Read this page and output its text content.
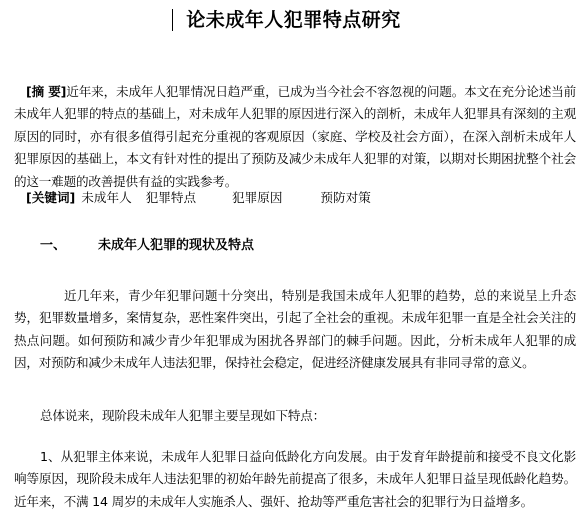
论未成年人犯罪特点研究
[摘 要]近年来，未成年人犯罪情况日趋严重，已成为当今社会不容忽视的问题。本文在充分论述当前未成年人犯罪的特点的基础上，对未成年人犯罪的原因进行深入的剖析，未成年人犯罪具有深刻的主观原因的同时，亦有很多值得引起充分重视的客观原因（家庭、学校及社会方面），在深入剖析未成年人犯罪原因的基础上，本文有针对性的提出了预防及减少未成年人犯罪的对策，以期对长期困扰整个社会的这一难题的改善提供有益的实践参考。
[关键词] 未成年人 犯罪特点	犯罪原因	预防对策
一、 未成年人犯罪的现状及特点
近几年来，青少年犯罪问题十分突出，特别是我国未成年人犯罪的趋势，总的来说呈上升态势，犯罪数量增多，案情复杂，恶性案件突出，引起了全社会的重视。未成年犯罪一直是全社会关注的热点问题。如何预防和减少青少年犯罪成为困扰各界部门的棘手问题。因此，分析未成年人犯罪的成因，对预防和减少未成年人违法犯罪，保持社会稳定，促进经济健康发展具有非同寻常的意义。
总体说来，现阶段未成年人犯罪主要呈现如下特点：
1、从犯罪主体来说，未成年人犯罪日益向低龄化方向发展。由于发育年龄提前和接受不良文化影响等原因，现阶段未成年人违法犯罪的初始年龄先前提高了很多，未成年人犯罪日益呈现低龄化趋势。近年来，不满 14 周岁的未成年人实施杀人、强奸、抢劫等严重危害社会的犯罪行为日益增多。
